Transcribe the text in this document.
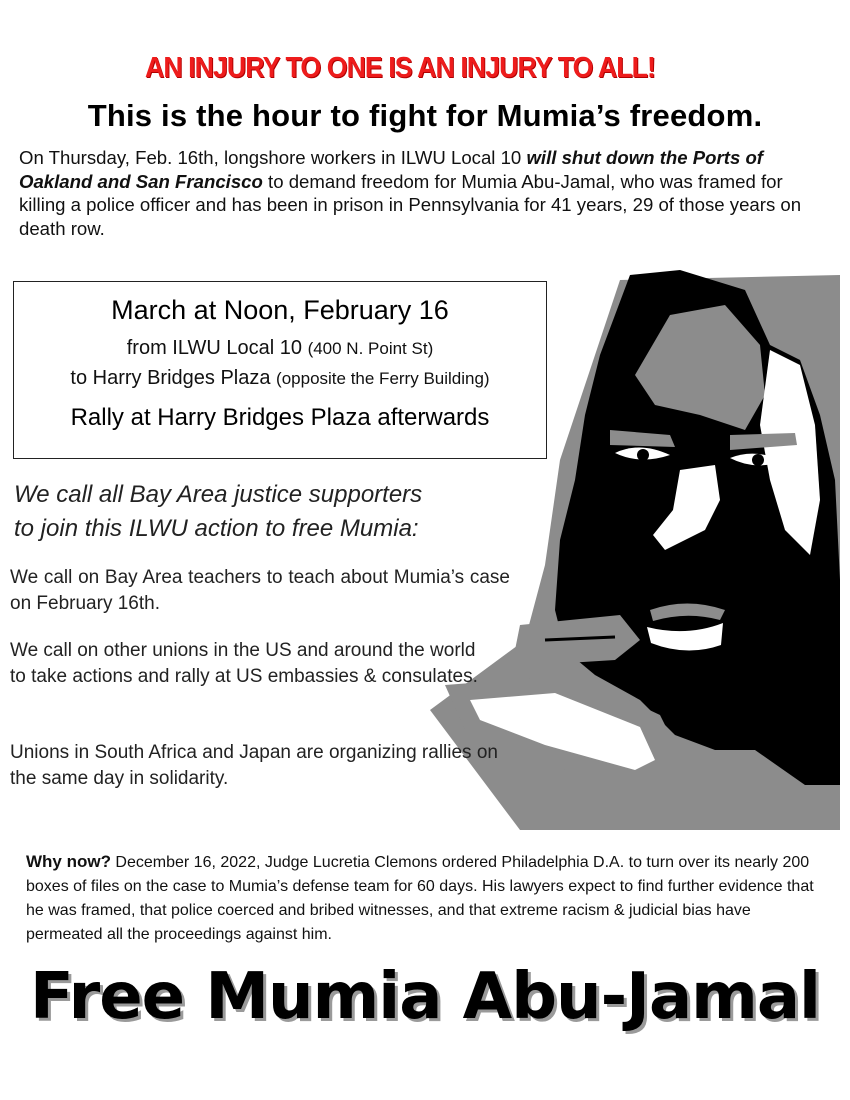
AN INJURY TO ONE IS AN INJURY TO ALL!
This is the hour to fight for Mumia’s freedom.
On Thursday, Feb. 16th, longshore workers in ILWU Local 10 will shut down the Ports of Oakland and San Francisco to demand freedom for Mumia Abu-Jamal, who was framed for killing a police officer and has been in prison in Pennsylvania for 41 years, 29 of those years on death row.
March at Noon, February 16
from ILWU Local 10 (400 N. Point St)
to Harry Bridges Plaza (opposite the Ferry Building)
Rally at Harry Bridges Plaza afterwards
We call all Bay Area justice supporters
to join this ILWU action to free Mumia:
We call on Bay Area teachers to teach about Mumia’s case on February 16th.
We call on other unions in the US and around the world to take actions and rally at US embassies & consulates.
Unions in South Africa and Japan are organizing rallies on the same day in solidarity.
Why now? December 16, 2022, Judge Lucretia Clemons ordered Philadelphia D.A. to turn over its nearly 200 boxes of files on the case to Mumia’s defense team for 60 days. His lawyers expect to find further evidence that he was framed, that police coerced and bribed witnesses, and that extreme racism & judicial bias have permeated all the proceedings against him.
Free Mumia Abu-Jamal
